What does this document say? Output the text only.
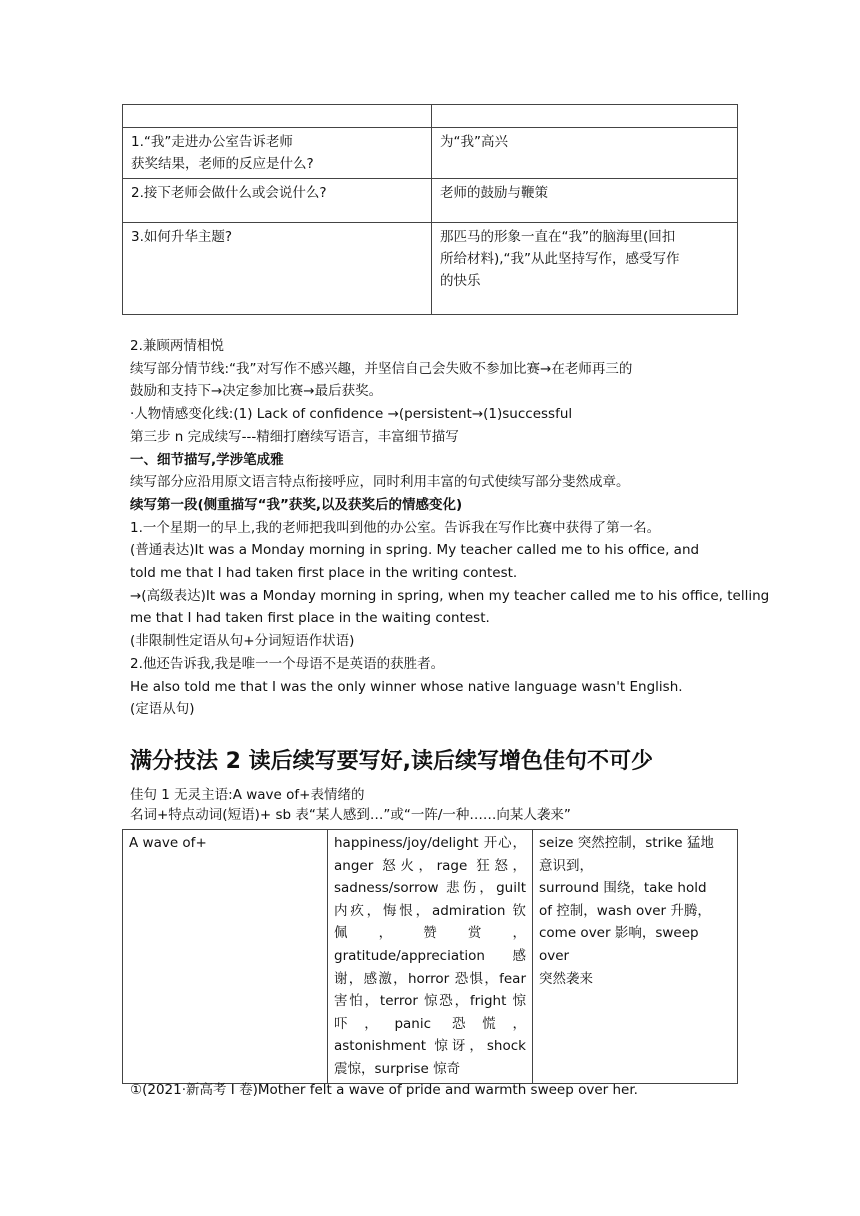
1.“我”走进办公室告诉老师
获奖结果，老师的反应是什么?	为“我”高兴
2.接下老师会做什么或会说什么?	老师的鼓励与鞭策
3.如何升华主题?	那匹马的形象一直在“我”的脑海里(回扣
所给材料),“我”从此坚持写作，感受写作
的快乐
2.兼顾两情相悦
续写部分情节线:“我”对写作不感兴趣，并坚信自己会失败不参加比赛→在老师再三的
鼓励和支持下→决定参加比赛→最后获奖。
·人物情感变化线:(1) Lack of confidence →(persistent→(1)successful
第三步 n 完成续写---精细打磨续写语言，丰富细节描写
一、细节描写,学涉笔成雅
续写部分应沿用原文语言特点衔接呼应，同时利用丰富的句式使续写部分斐然成章。
续写第一段(侧重描写“我”获奖,以及获奖后的情感变化)
1.一个星期一的早上,我的老师把我叫到他的办公室。告诉我在写作比赛中获得了第一名。
(普通表达)It was a Monday morning in spring. My teacher called me to his office, and
told me that I had taken first place in the writing contest.
→(高级表达)It was a Monday morning in spring, when my teacher called me to his office, telling
me that I had taken first place in the waiting contest.
(非限制性定语从句+分词短语作状语)
2.他还告诉我,我是唯一一个母语不是英语的获胜者。
He also told me that I was the only winner whose native language wasn't English.
(定语从句)
满分技法 2 读后续写要写好,读后续写增色佳句不可少
佳句 1 无灵主语:A wave of+表情绪的
名词+特点动词(短语)+ sb 表“某人感到…”或“一阵/一种……向某人袭来”
A wave of+	happiness/joy/delight 开心，anger 怒火，rage 狂怒，sadness/sorrow 悲伤，guilt 内疚，悔恨，admiration 钦佩，赞赏，gratitude/appreciation 感谢，感激，horror 恐惧，fear 害怕，terror 惊恐，fright 惊吓，panic 恐慌，astonishment 惊讶，shock 震惊，surprise 惊奇	seize 突然控制，strike 猛地
意识到，
surround 围绕，take hold
of 控制，wash over 升腾，
come over 影响，sweep over
突然袭来
①(2021·新高考 I 卷)Mother felt a wave of pride and warmth sweep over her.
